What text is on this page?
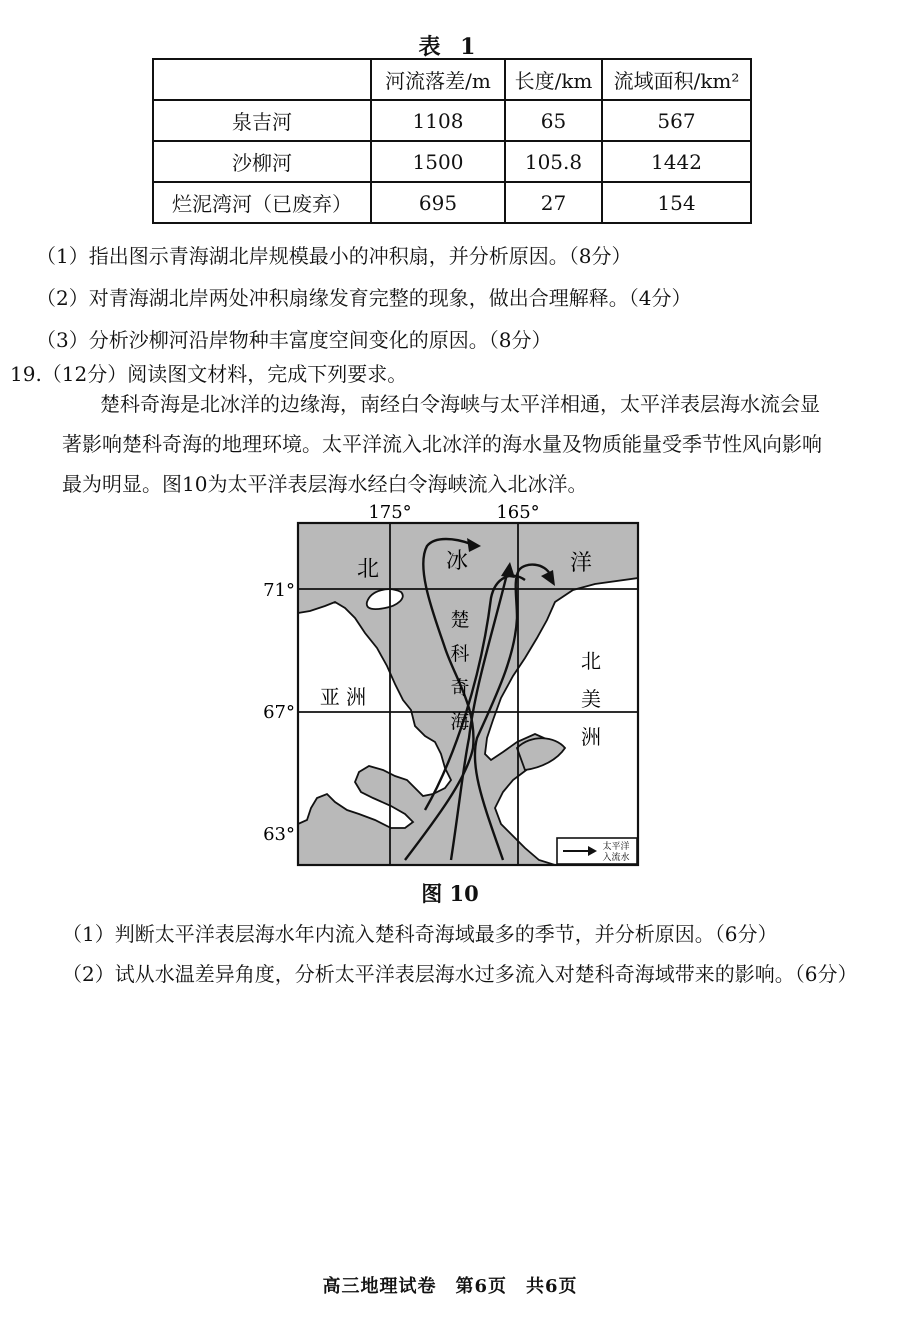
表 1
	河流落差/m	长度/km	流域面积/km²
泉吉河	1108	65	567
沙柳河	1500	105.8	1442
烂泥湾河（已废弃）	695	27	154
（1）指出图示青海湖北岸规模最小的冲积扇，并分析原因。（8分）
（2）对青海湖北岸两处冲积扇缘发育完整的现象，做出合理解释。（4分）
（3）分析沙柳河沿岸物种丰富度空间变化的原因。（8分）
19.（12分）阅读图文材料，完成下列要求。
楚科奇海是北冰洋的边缘海，南经白令海峡与太平洋相通，太平洋表层海水流会显
著影响楚科奇海的地理环境。太平洋流入北冰洋的海水量及物质能量受季节性风向影响
最为明显。图10为太平洋表层海水经白令海峡流入北冰洋。
175°	165°
71°
67°
63°
北	冰	洋
楚
科
奇
海
亚 洲
北
美
洲
太平洋
入流水
图 10
（1）判断太平洋表层海水年内流入楚科奇海域最多的季节，并分析原因。（6分）
（2）试从水温差异角度，分析太平洋表层海水过多流入对楚科奇海域带来的影响。（6分）
高三地理试卷　第6页　共6页
